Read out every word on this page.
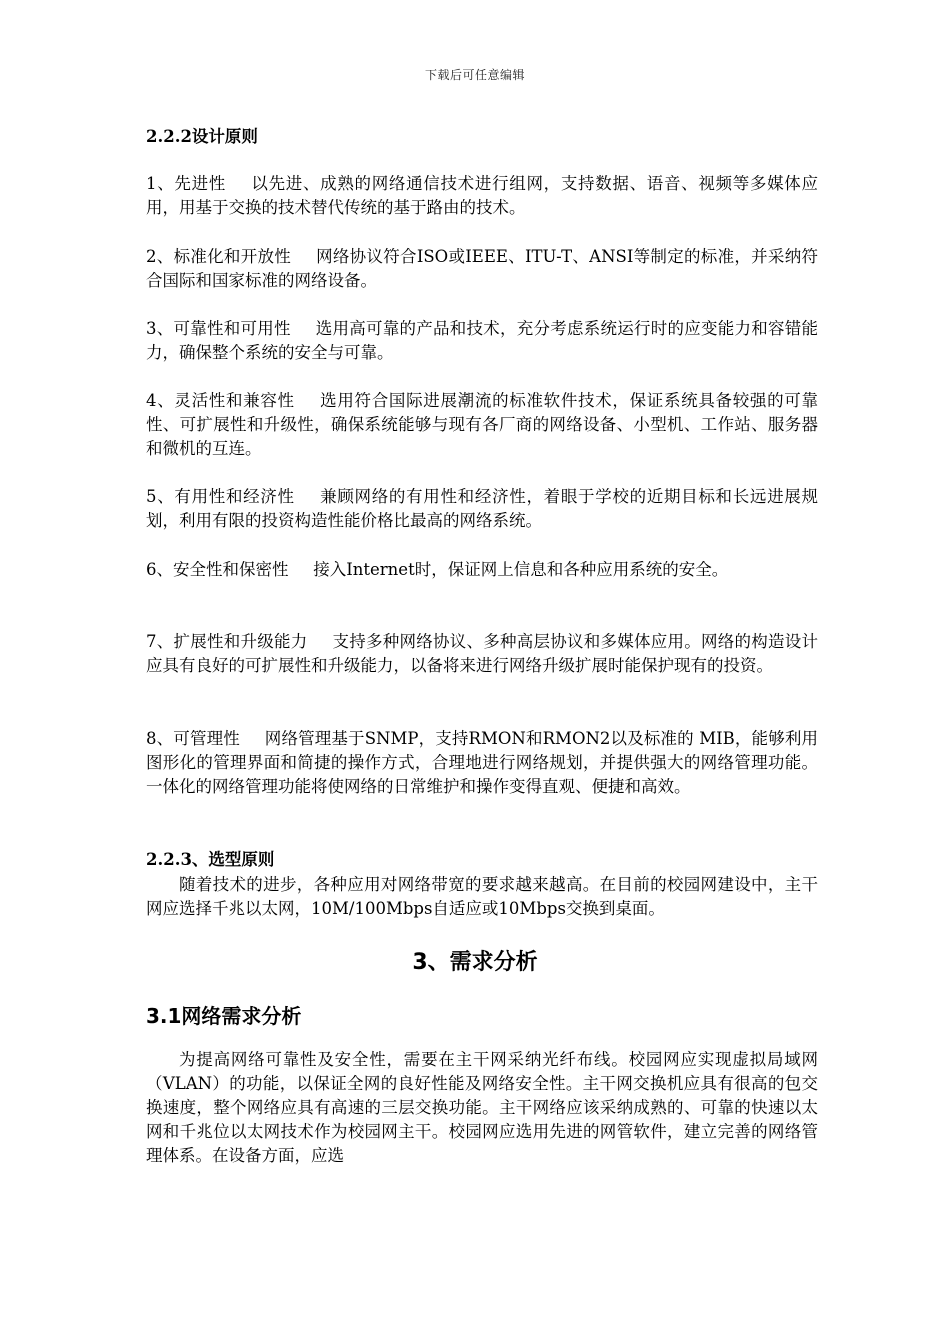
下载后可任意编辑
2.2.2设计原则
1、先进性 以先进、成熟的网络通信技术进行组网，支持数据、语音、视频等多媒体应用，用基于交换的技术替代传统的基于路由的技术。
2、标准化和开放性 网络协议符合ISO或IEEE、ITU-T、ANSI等制定的标准，并采纳符合国际和国家标准的网络设备。
3、可靠性和可用性 选用高可靠的产品和技术，充分考虑系统运行时的应变能力和容错能力，确保整个系统的安全与可靠。
4、灵活性和兼容性 选用符合国际进展潮流的标准软件技术，保证系统具备较强的可靠性、可扩展性和升级性，确保系统能够与现有各厂商的网络设备、小型机、工作站、服务器和微机的互连。
5、有用性和经济性 兼顾网络的有用性和经济性，着眼于学校的近期目标和长远进展规划，利用有限的投资构造性能价格比最高的网络系统。
6、安全性和保密性 接入Internet时，保证网上信息和各种应用系统的安全。
7、扩展性和升级能力 支持多种网络协议、多种高层协议和多媒体应用。网络的构造设计应具有良好的可扩展性和升级能力，以备将来进行网络升级扩展时能保护现有的投资。
8、可管理性 网络管理基于SNMP，支持RMON和RMON2以及标准的 MIB，能够利用图形化的管理界面和简捷的操作方式，合理地进行网络规划，并提供强大的网络管理功能。一体化的网络管理功能将使网络的日常维护和操作变得直观、便捷和高效。
2.2.3、选型原则
随着技术的进步，各种应用对网络带宽的要求越来越高。在目前的校园网建设中，主干网应选择千兆以太网，10M/100Mbps自适应或10Mbps交换到桌面。
为提高网络可靠性及安全性，需要在主干网采纳光纤布线。校园网应实现虚拟局域网（VLAN）的功能，以保证全网的良好性能及网络安全性。主干网交换机应具有很高的包交换速度，整个网络应具有高速的三层交换功能。主干网络应该采纳成熟的、可靠的快速以太网和千兆位以太网技术作为校园网主干。校园网应选用先进的网管软件，建立完善的网络管理体系。在设备方面，应选
3、需求分析
3.1网络需求分析
